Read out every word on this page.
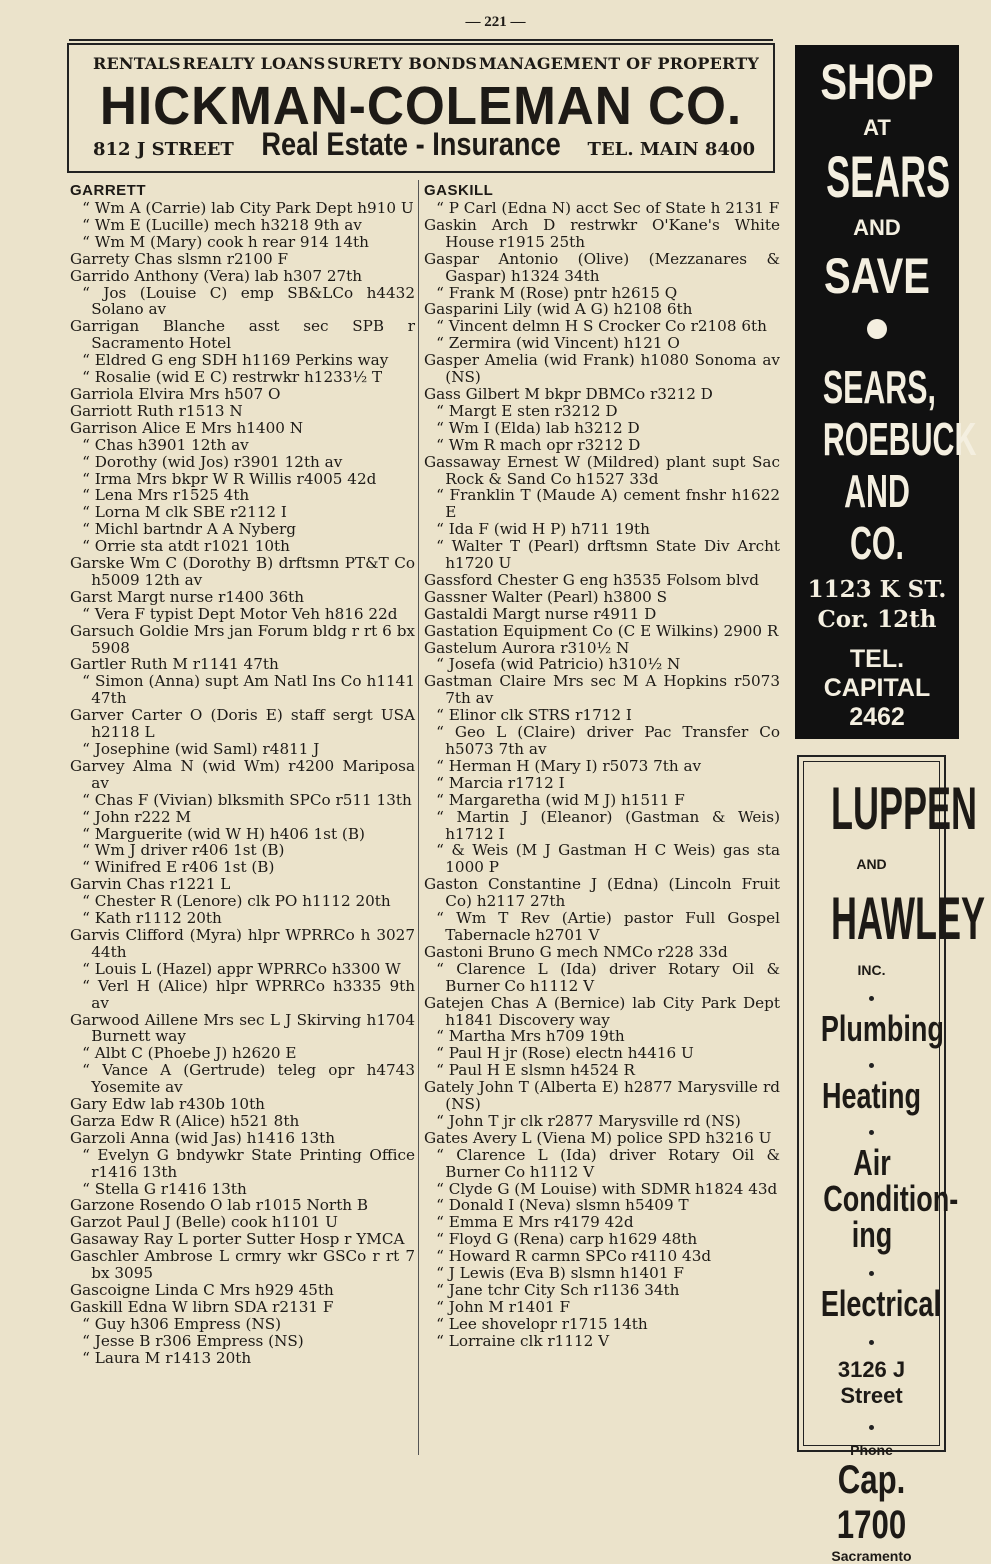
— 221 —
RENTALS REALTY LOANS SURETY BONDS MANAGEMENT OF PROPERTY
HICKMAN-COLEMAN CO.
812 J STREET Real Estate - Insurance TEL. MAIN 8400
GARRETT

“ Wm A (Carrie) lab City Park Dept h910 U

“ Wm E (Lucille) mech h3218 9th av

“ Wm M (Mary) cook h rear 914 14th

Garrety Chas slsmn r2100 F

Garrido Anthony (Vera) lab h307 27th

“ Jos (Louise C) emp SB&LCo h4432 Solano av

Garrigan Blanche asst sec SPB r Sacramento Hotel

“ Eldred G eng SDH h1169 Perkins way

“ Rosalie (wid E C) restrwkr h1233½ T

Garriola Elvira Mrs h507 O

Garriott Ruth r1513 N

Garrison Alice E Mrs h1400 N

“ Chas h3901 12th av

“ Dorothy (wid Jos) r3901 12th av

“ Irma Mrs bkpr W R Willis r4005 42d

“ Lena Mrs r1525 4th

“ Lorna M clk SBE r2112 I

“ Michl bartndr A A Nyberg

“ Orrie sta atdt r1021 10th

Garske Wm C (Dorothy B) drftsmn PT&T Co h5009 12th av

Garst Margt nurse r1400 36th

“ Vera F typist Dept Motor Veh h816 22d

Garsuch Goldie Mrs jan Forum bldg r rt 6 bx 5908

Gartler Ruth M r1141 47th

“ Simon (Anna) supt Am Natl Ins Co h1141 47th

Garver Carter O (Doris E) staff sergt USA h2118 L

“ Josephine (wid Saml) r4811 J

Garvey Alma N (wid Wm) r4200 Mariposa av

“ Chas F (Vivian) blksmith SPCo r511 13th

“ John r222 M

“ Marguerite (wid W H) h406 1st (B)

“ Wm J driver r406 1st (B)

“ Winifred E r406 1st (B)

Garvin Chas r1221 L

“ Chester R (Lenore) clk PO h1112 20th

“ Kath r1112 20th

Garvis Clifford (Myra) hlpr WPRRCo h 3027 44th

“ Louis L (Hazel) appr WPRRCo h3300 W

“ Verl H (Alice) hlpr WPRRCo h3335 9th av

Garwood Aillene Mrs sec L J Skirving h1704 Burnett way

“ Albt C (Phoebe J) h2620 E

“ Vance A (Gertrude) teleg opr h4743 Yosemite av

Gary Edw lab r430b 10th

Garza Edw R (Alice) h521 8th

Garzoli Anna (wid Jas) h1416 13th

“ Evelyn G bndywkr State Printing Office r1416 13th

“ Stella G r1416 13th

Garzone Rosendo O lab r1015 North B

Garzot Paul J (Belle) cook h1101 U

Gasaway Ray L porter Sutter Hosp r YMCA

Gaschler Ambrose L crmry wkr GSCo r rt 7 bx 3095

Gascoigne Linda C Mrs h929 45th

Gaskill Edna W librn SDA r2131 F

“ Guy h306 Empress (NS)

“ Jesse B r306 Empress (NS)

“ Laura M r1413 20th

GASKILL

“ P Carl (Edna N) acct Sec of State h 2131 F

Gaskin Arch D restrwkr O'Kane's White House r1915 25th

Gaspar Antonio (Olive) (Mezzanares & Gaspar) h1324 34th

“ Frank M (Rose) pntr h2615 Q

Gasparini Lily (wid A G) h2108 6th

“ Vincent delmn H S Crocker Co r2108 6th

“ Zermira (wid Vincent) h121 O

Gasper Amelia (wid Frank) h1080 Sonoma av (NS)

Gass Gilbert M bkpr DBMCo r3212 D

“ Margt E sten r3212 D

“ Wm I (Elda) lab h3212 D

“ Wm R mach opr r3212 D

Gassaway Ernest W (Mildred) plant supt Sac Rock & Sand Co h1527 33d

“ Franklin T (Maude A) cement fnshr h1622 E

“ Ida F (wid H P) h711 19th

“ Walter T (Pearl) drftsmn State Div Archt h1720 U

Gassford Chester G eng h3535 Folsom blvd

Gassner Walter (Pearl) h3800 S

Gastaldi Margt nurse r4911 D

Gastation Equipment Co (C E Wilkins) 2900 R

Gastelum Aurora r310½ N

“ Josefa (wid Patricio) h310½ N

Gastman Claire Mrs sec M A Hopkins r5073 7th av

“ Elinor clk STRS r1712 I

“ Geo L (Claire) driver Pac Transfer Co h5073 7th av

“ Herman H (Mary I) r5073 7th av

“ Marcia r1712 I

“ Margaretha (wid M J) h1511 F

“ Martin J (Eleanor) (Gastman & Weis) h1712 I

“ & Weis (M J Gastman H C Weis) gas sta 1000 P

Gaston Constantine J (Edna) (Lincoln Fruit Co) h2117 27th

“ Wm T Rev (Artie) pastor Full Gospel Tabernacle h2701 V

Gastoni Bruno G mech NMCo r228 33d

“ Clarence L (Ida) driver Rotary Oil & Burner Co h1112 V

Gatejen Chas A (Bernice) lab City Park Dept h1841 Discovery way

“ Martha Mrs h709 19th

“ Paul H jr (Rose) electn h4416 U

“ Paul H E slsmn h4524 R

Gately John T (Alberta E) h2877 Marysville rd (NS)

“ John T jr clk r2877 Marysville rd (NS)

Gates Avery L (Viena M) police SPD h3216 U

“ Clarence L (Ida) driver Rotary Oil & Burner Co h1112 V

“ Clyde G (M Louise) with SDMR h1824 43d

“ Donald I (Neva) slsmn h5409 T

“ Emma E Mrs r4179 42d

“ Floyd G (Rena) carp h1629 48th

“ Howard R carmn SPCo r4110 43d

“ J Lewis (Eva B) slsmn h1401 F

“ Jane tchr City Sch r1136 34th

“ John M r1401 F

“ Lee shovelopr r1715 14th

“ Lorraine clk r1112 V

SHOP
AT
SEARS
AND
SAVE
SEARS,
ROEBUCK
AND CO.
1123 K ST.
Cor. 12th
TEL.
CAPITAL
2462
LUPPEN
AND
HAWLEY
INC.
Plumbing
Heating
Air Condition- ing
Electrical
3126 J Street
Phone
Cap. 1700
Sacramento
